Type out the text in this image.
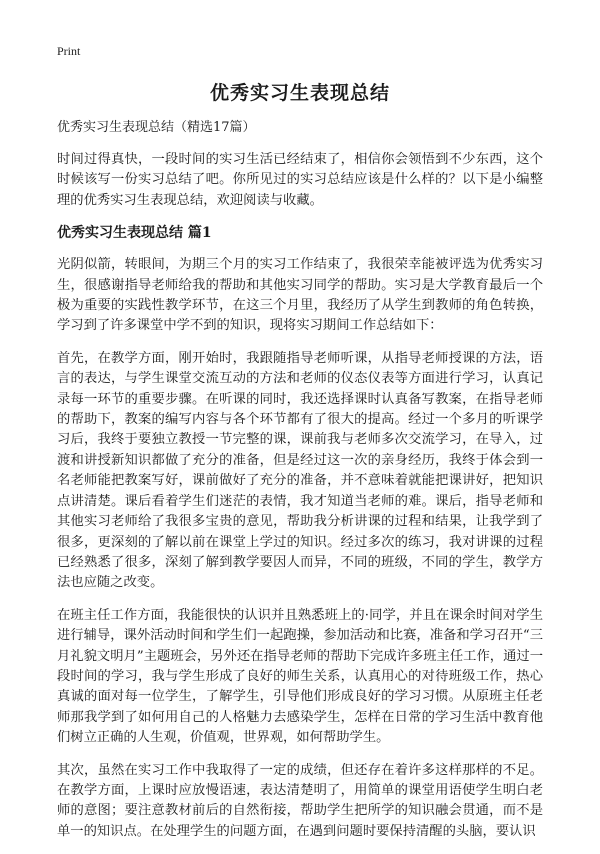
Print
优秀实习生表现总结

优秀实习生表现总结（精选17篇）

时间过得真快，一段时间的实习生活已经结束了，相信你会领悟到不少东西，这个时候该写一份实习总结了吧。你所见过的实习总结应该是什么样的？以下是小编整理的优秀实习生表现总结，欢迎阅读与收藏。

优秀实习生表现总结 篇1

光阴似箭，转眼间，为期三个月的实习工作结束了，我很荣幸能被评选为优秀实习生，很感谢指导老师给我的帮助和其他实习同学的帮助。实习是大学教育最后一个极为重要的实践性教学环节，在这三个月里，我经历了从学生到教师的角色转换，学习到了许多课堂中学不到的知识，现将实习期间工作总结如下：

首先，在教学方面，刚开始时，我跟随指导老师听课，从指导老师授课的方法，语言的表达，与学生课堂交流互动的方法和老师的仪态仪表等方面进行学习，认真记录每一环节的重要步骤。在听课的同时，我还选择课时认真备写教案，在指导老师的帮助下，教案的编写内容与各个环节都有了很大的提高。经过一个多月的听课学习后，我终于要独立教授一节完整的课，课前我与老师多次交流学习，在导入，过渡和讲授新知识都做了充分的准备，但是经过这一次的亲身经历，我终于体会到一名老师能把教案写好，课前做好了充分的准备，并不意味着就能把课讲好，把知识点讲清楚。课后看着学生们迷茫的表情，我才知道当老师的难。课后，指导老师和其他实习老师给了我很多宝贵的意见，帮助我分析讲课的过程和结果，让我学到了很多，更深刻的了解以前在课堂上学过的知识。经过多次的练习，我对讲课的过程已经熟悉了很多，深刻了解到教学要因人而异，不同的班级，不同的学生，教学方法也应随之改变。

在班主任工作方面，我能很快的认识并且熟悉班上的·同学，并且在课余时间对学生进行辅导，课外活动时间和学生们一起跑操，参加活动和比赛，准备和学习召开“三月礼貌文明月”主题班会，另外还在指导老师的帮助下完成许多班主任工作，通过一段时间的学习，我与学生形成了良好的师生关系，认真用心的对待班级工作，热心真诚的面对每一位学生，了解学生，引导他们形成良好的学习习惯。从原班主任老师那我学到了如何用自己的人格魅力去感染学生，怎样在日常的学习生活中教育他们树立正确的人生观，价值观，世界观，如何帮助学生。

其次，虽然在实习工作中我取得了一定的成绩，但还存在着许多这样那样的不足。在教学方面，上课时应放慢语速，表达清楚明了，用简单的课堂用语使学生明白老师的意图；要注意教材前后的自然衔接，帮助学生把所学的知识融会贯通，而不是单一的知识点。在处理学生的问题方面，在遇到问题时要保持清醒的头脑，要认识
